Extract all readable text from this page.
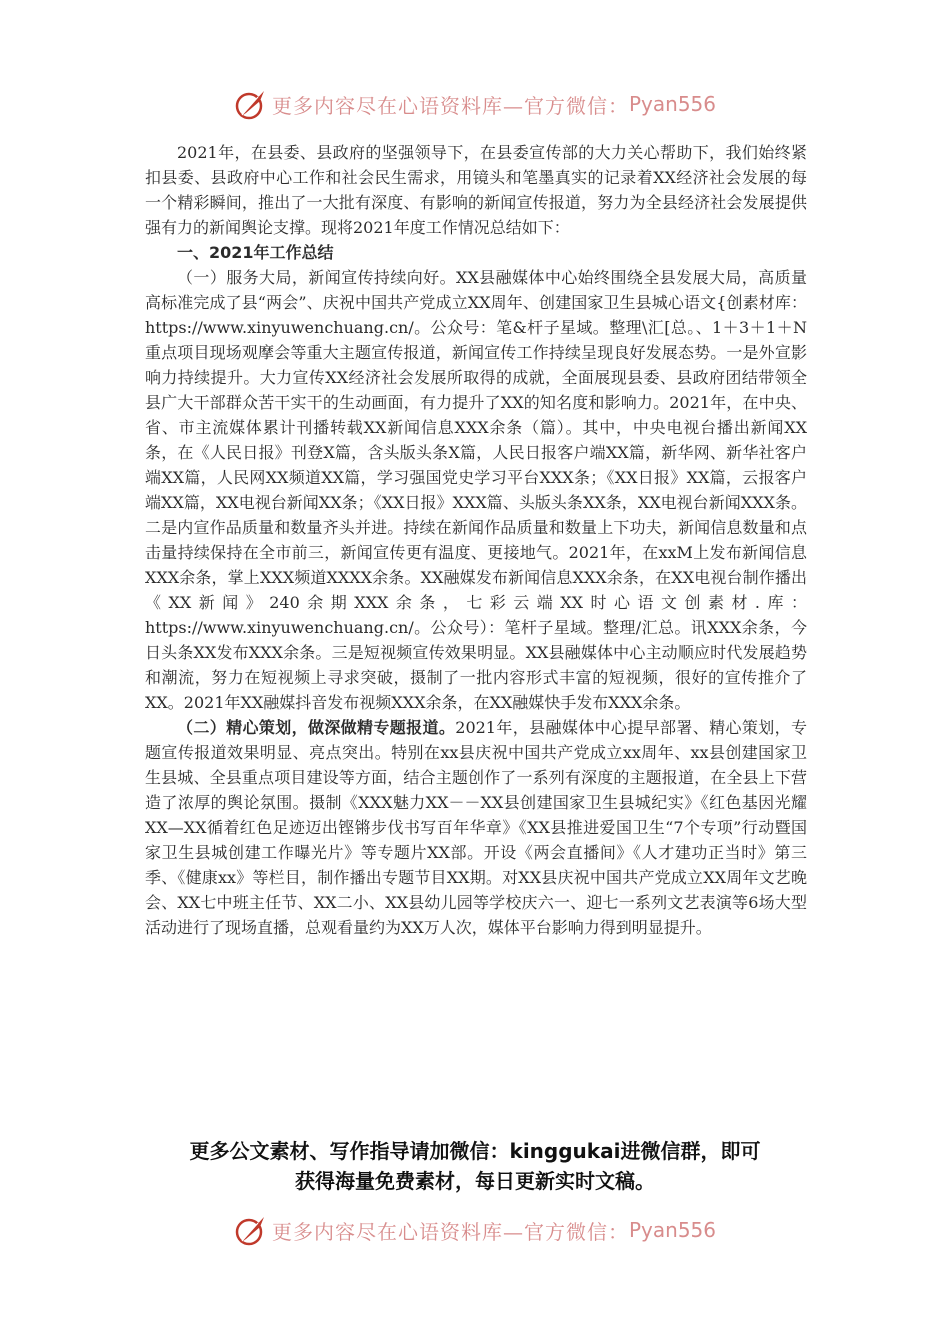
更多内容尽在心语资料库—官方微信： Pyan556

2021年，在县委、县政府的坚强领导下，在县委宣传部的大力关心帮助下，我们始终紧扣县委、县政府中心工作和社会民生需求，用镜头和笔墨真实的记录着XX经济社会发展的每一个精彩瞬间，推出了一大批有深度、有影响的新闻宣传报道，努力为全县经济社会发展提供强有力的新闻舆论支撑。现将2021年度工作情况总结如下：

一、2021年工作总结

（一）服务大局，新闻宣传持续向好。XX县融媒体中心始终围绕全县发展大局，高质量高标准完成了县“两会”、庆祝中国共产党成立XX周年、创建国家卫生县城心语文{创素材库：https://www.xinyuwenchuang.cn/。公众号：笔&杆子星域。整理\汇[总。、1＋3＋1＋N重点项目现场观摩会等重大主题宣传报道，新闻宣传工作持续呈现良好发展态势。一是外宣影响力持续提升。大力宣传XX经济社会发展所取得的成就，全面展现县委、县政府团结带领全县广大干部群众苦干实干的生动画面，有力提升了XX的知名度和影响力。2021年，在中央、省、市主流媒体累计刊播转载XX新闻信息XXX余条（篇）。其中，中央电视台播出新闻XX条，在《人民日报》刊登X篇，含头版头条X篇，人民日报客户端XX篇，新华网、新华社客户端XX篇，人民网XX频道XX篇，学习强国党史学习平台XXX条；《XX日报》XX篇，云报客户端XX篇，XX电视台新闻XX条；《XX日报》XXX篇、头版头条XX条，XX电视台新闻XXX条。二是内宣作品质量和数量齐头并进。持续在新闻作品质量和数量上下功夫，新闻信息数量和点击量持续保持在全市前三，新闻宣传更有温度、更接地气。2021年，在xxM上发布新闻信息XXX余条，掌上XXX频道XXXX余条。XX融媒发布新闻信息XXX余条，在XX电视台制作播出《XX新闻》240余期XXX余条，七彩云端XX时心语文创素材.库：https://www.xinyuwenchuang.cn/。公众号）：笔杆子星域。整理/汇总。讯XXX余条，今日头条XX发布XXX余条。三是短视频宣传效果明显。XX县融媒体中心主动顺应时代发展趋势和潮流，努力在短视频上寻求突破，摄制了一批内容形式丰富的短视频，很好的宣传推介了XX。2021年XX融媒抖音发布视频XXX余条，在XX融媒快手发布XXX余条。

（二）精心策划，做深做精专题报道。2021年，县融媒体中心提早部署、精心策划，专题宣传报道效果明显、亮点突出。特别在xx县庆祝中国共产党成立xx周年、xx县创建国家卫生县城、全县重点项目建设等方面，结合主题创作了一系列有深度的主题报道，在全县上下营造了浓厚的舆论氛围。摄制《XXX魅力XX－－XX县创建国家卫生县城纪实》《红色基因光耀XX—XX循着红色足迹迈出铿锵步伐书写百年华章》《XX县推进爱国卫生“7个专项”行动暨国家卫生县城创建工作曝光片》等专题片XX部。开设《两会直播间》《人才建功正当时》第三季、《健康xx》等栏目，制作播出专题节目XX期。对XX县庆祝中国共产党成立XX周年文艺晚会、XX七中班主任节、XX二小、XX县幼儿园等学校庆六一、迎七一系列文艺表演等6场大型活动进行了现场直播，总观看量约为XX万人次，媒体平台影响力得到明显提升。

更多公文素材、写作指导请加微信：kinggukai进微信群，即可
获得海量免费素材，每日更新实时文稿。
更多内容尽在心语资料库—官方微信： Pyan556
